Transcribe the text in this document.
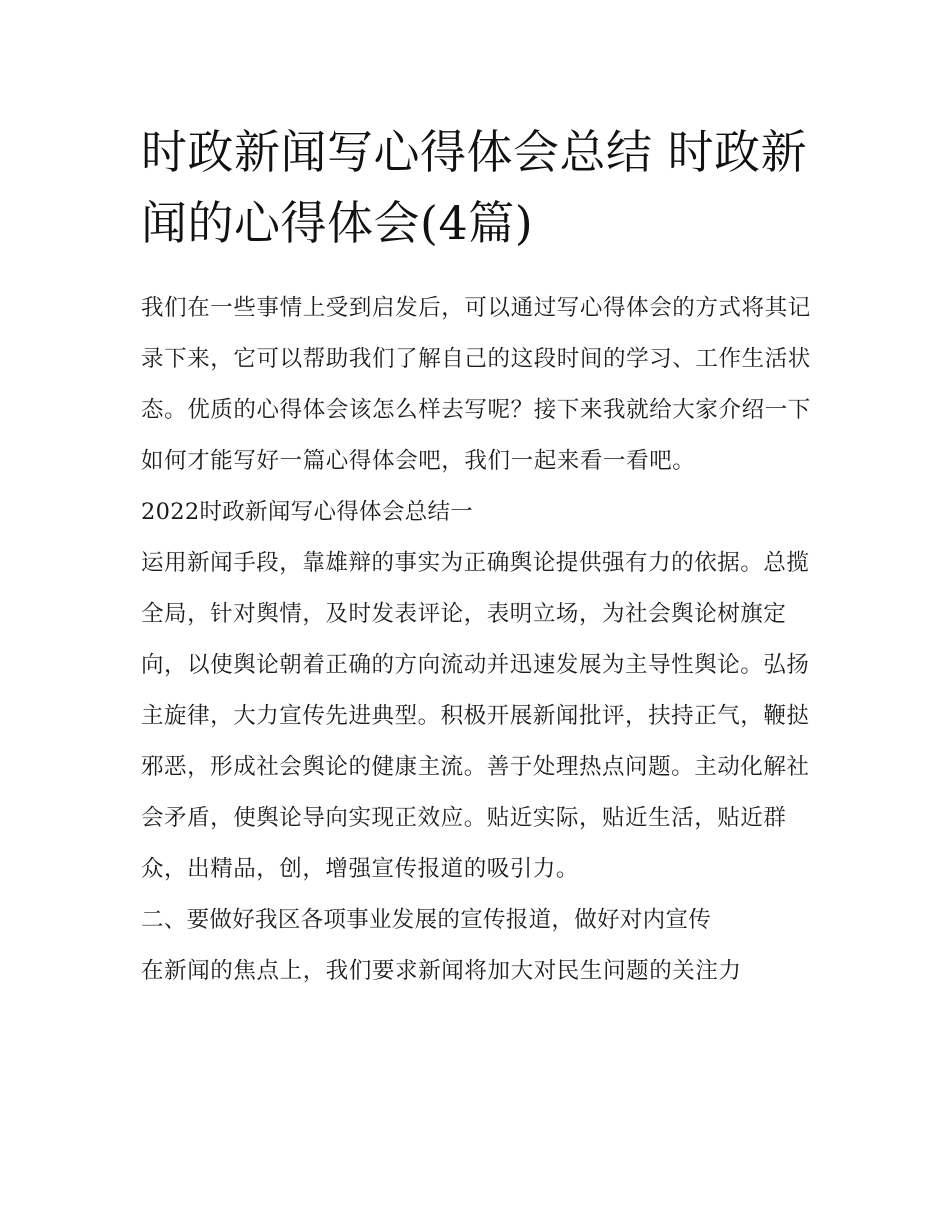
时政新闻写心得体会总结 时政新闻的心得体会(4篇)

我们在一些事情上受到启发后，可以通过写心得体会的方式将其记录下来，它可以帮助我们了解自己的这段时间的学习、工作生活状态。优质的心得体会该怎么样去写呢？接下来我就给大家介绍一下如何才能写好一篇心得体会吧，我们一起来看一看吧。

2022时政新闻写心得体会总结一

运用新闻手段，靠雄辩的事实为正确舆论提供强有力的依据。总揽全局，针对舆情，及时发表评论，表明立场，为社会舆论树旗定向，以使舆论朝着正确的方向流动并迅速发展为主导性舆论。弘扬主旋律，大力宣传先进典型。积极开展新闻批评，扶持正气，鞭挞邪恶，形成社会舆论的健康主流。善于处理热点问题。主动化解社会矛盾，使舆论导向实现正效应。贴近实际，贴近生活，贴近群众，出精品，创，增强宣传报道的吸引力。

二、要做好我区各项事业发展的宣传报道，做好对内宣传

在新闻的焦点上，我们要求新闻将加大对民生问题的关注力
